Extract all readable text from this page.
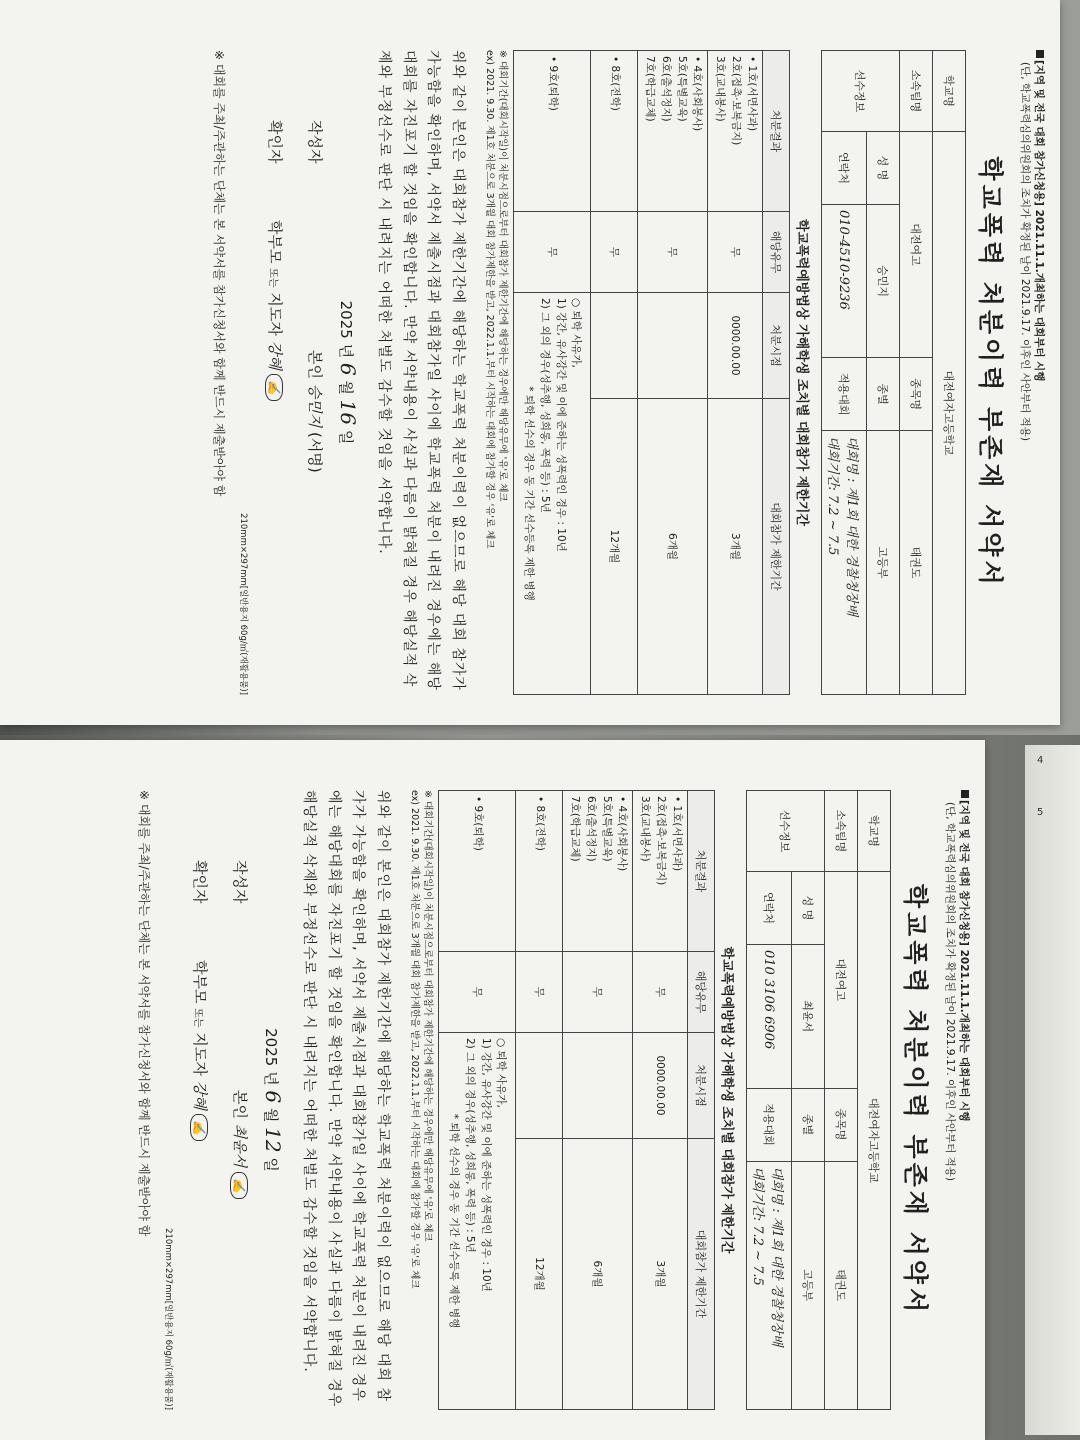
4
5
[지역 및 전국 대회 참가신청용] 2021.11.1.개최하는 대회부터 시행
(단, 학교폭력심의위원회의 조치가 확정된 날이 2021.9.17. 이후인 사안부터 적용)
학교폭력 처분이력 부존재 서약서
학교명	대전여자고등학교			
소속팀명	대전여고		종목명	태권도
선수정보	성 명	승민지	종별	고등부
	연락처	010-4510-9236	적용대회	대회명 : 제1회 대한 경찰청장배
대회기간: 7.2 ~ 7.5
학교폭력예방법상 가해학생 조치별 대회참가 제한기간
처분결과	해당유무	처분시점	대회참가 제한기간

• 1호(서면사과)
2호(접촉·보복금지)
3호(교내봉사)	무	0000.00.00	3개월

• 4호(사회봉사)
5호(특별교육)
6호(출석정지)
7호(학급교체)	무		6개월

• 8호(전학)	무		12개월

• 9호(퇴학)	무	○ 퇴학 사유가,
1) 강간, 유사강간 및 이에 준하는 성폭력인 경우 : 10년
2) 그 외의 경우(성추행, 성희롱, 폭력 등) : 5년
* 퇴학 선수의 경우 동 기간 선수등록 제한 병행	
※ 대회기간(대회시작일)이 처분시점으로부터 대회참가 제한기간에 해당하는 경우에만 해당유무에 '유'로 체크
ex) 2021. 9.30. 제1호 처분으로 3개월 대회 참가제한을 받고, 2022.1.1.부터 시작하는 대회에 참가할 경우 '유'로 체크
위와 같이 본인은 대회참가 제한기간에 해당하는 학교폭력 처분이력이 없으므로 해당 대회 참가가 가능함을 확인하며, 서약서 제출시점과 대회참가일 사이에 학교폭력 처분이 내려진 경우에는 해당대회를 자진포기 할 것임을 확인합니다. 만약 서약내용이 사실과 다름이 밝혀질 경우 해당실적 삭제와 부정선수로 판단 시 내려지는 어떠한 처벌도 감수할 것임을 서약합니다.
2025 년 6 월 16 일
작성자
본인 승민지 (서명)
확인자
학부모 또는 지도자 강혜 ✍
210mm×297mm[일반용지 60g/㎡(재활용품)]
※ 대회를 주최/주관하는 단체는 본 서약서를 참가신청서와 함께 반드시 제출받아야 함
[지역 및 전국 대회 참가신청용] 2021.11.1.개최하는 대회부터 시행
(단, 학교폭력심의위원회의 조치가 확정된 날이 2021.9.17. 이후인 사안부터 적용)
학교폭력 처분이력 부존재 서약서
학교명	대전여자고등학교			
소속팀명	대전여고		종목명	태권도
선수정보	성 명	최윤서	종별	고등부
	연락처	010 3106 6906	적용대회	대회명 : 제1회 대한 경찰청장배
대회기간: 7.2 ~ 7.5
학교폭력예방법상 가해학생 조치별 대회참가 제한기간
처분결과	해당유무	처분시점	대회참가 제한기간

• 1호(서면사과)
2호(접촉·보복금지)
3호(교내봉사)	무	0000.00.00	3개월

• 4호(사회봉사)
5호(특별교육)
6호(출석정지)
7호(학급교체)	무		6개월

• 8호(전학)	무		12개월

• 9호(퇴학)	무	○ 퇴학 사유가,
1) 강간, 유사강간 및 이에 준하는 성폭력인 경우 : 10년
2) 그 외의 경우(성추행, 성희롱, 폭력 등) : 5년
* 퇴학 선수의 경우 동 기간 선수등록 제한 병행	
※ 대회기간(대회시작일)이 처분시점으로부터 대회참가 제한기간에 해당하는 경우에만 해당유무에 '유'로 체크
ex) 2021. 9.30. 제1호 처분으로 3개월 대회 참가제한을 받고, 2022.1.1.부터 시작하는 대회에 참가할 경우 '유'로 체크
위와 같이 본인은 대회참가 제한기간에 해당하는 학교폭력 처분이력이 없으므로 해당 대회 참가가 가능함을 확인하며, 서약서 제출시점과 대회참가일 사이에 학교폭력 처분이 내려진 경우에는 해당대회를 자진포기 할 것임을 확인합니다. 만약 서약내용이 사실과 다름이 밝혀질 경우 해당실적 삭제와 부정선수로 판단 시 내려지는 어떠한 처벌도 감수할 것임을 서약합니다.
2025 년 6 월 12 일
작성자
본인 최윤서 ✍
확인자
학부모 또는 지도자 강혜 ✍
210mm×297mm[일반용지 60g/㎡(재활용품)]
※ 대회를 주최/주관하는 단체는 본 서약서를 참가신청서와 함께 반드시 제출받아야 함
